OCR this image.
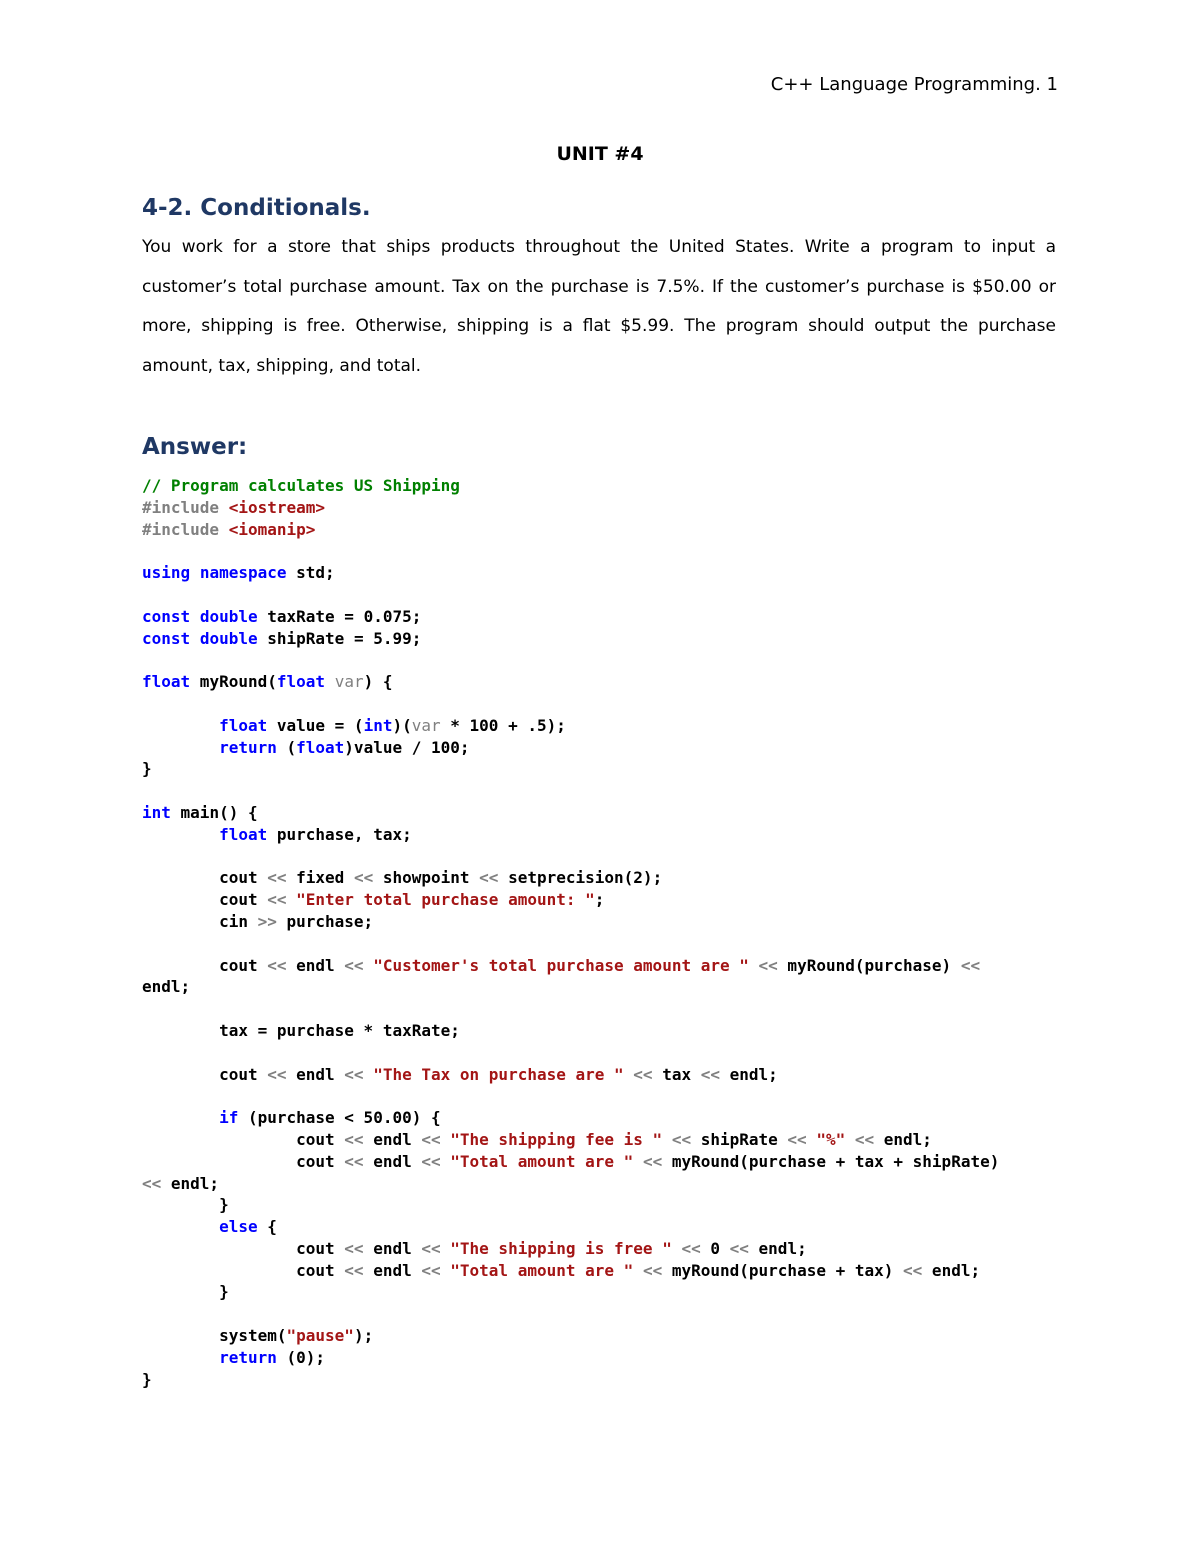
C++ Language Programming. 1
UNIT #4
4-2. Conditionals.
You work for a store that ships products throughout the United States. Write a program to input a customer’s total purchase amount. Tax on the purchase is 7.5%. If the customer’s purchase is $50.00 or more, shipping is free. Otherwise, shipping is a flat $5.99. The program should output the purchase amount, tax, shipping, and total.
Answer:
// Program calculates US Shipping
#include <iostream>
#include <iomanip>

using namespace std;

const double taxRate = 0.075;
const double shipRate = 5.99;

float myRound(float var) {

float value = (int)(var * 100 + .5);
return (float)value / 100;
}

int main() {
float purchase, tax;

cout << fixed << showpoint << setprecision(2);
cout << "Enter total purchase amount: ";
cin >> purchase;

cout << endl << "Customer's total purchase amount are " << myRound(purchase) <<
endl;

tax = purchase * taxRate;

cout << endl << "The Tax on purchase are " << tax << endl;

if (purchase < 50.00) {
cout << endl << "The shipping fee is " << shipRate << "%" << endl;
cout << endl << "Total amount are " << myRound(purchase + tax + shipRate)
<< endl;
}
else {
cout << endl << "The shipping is free " << 0 << endl;
cout << endl << "Total amount are " << myRound(purchase + tax) << endl;
}

system("pause");
return (0);
}
